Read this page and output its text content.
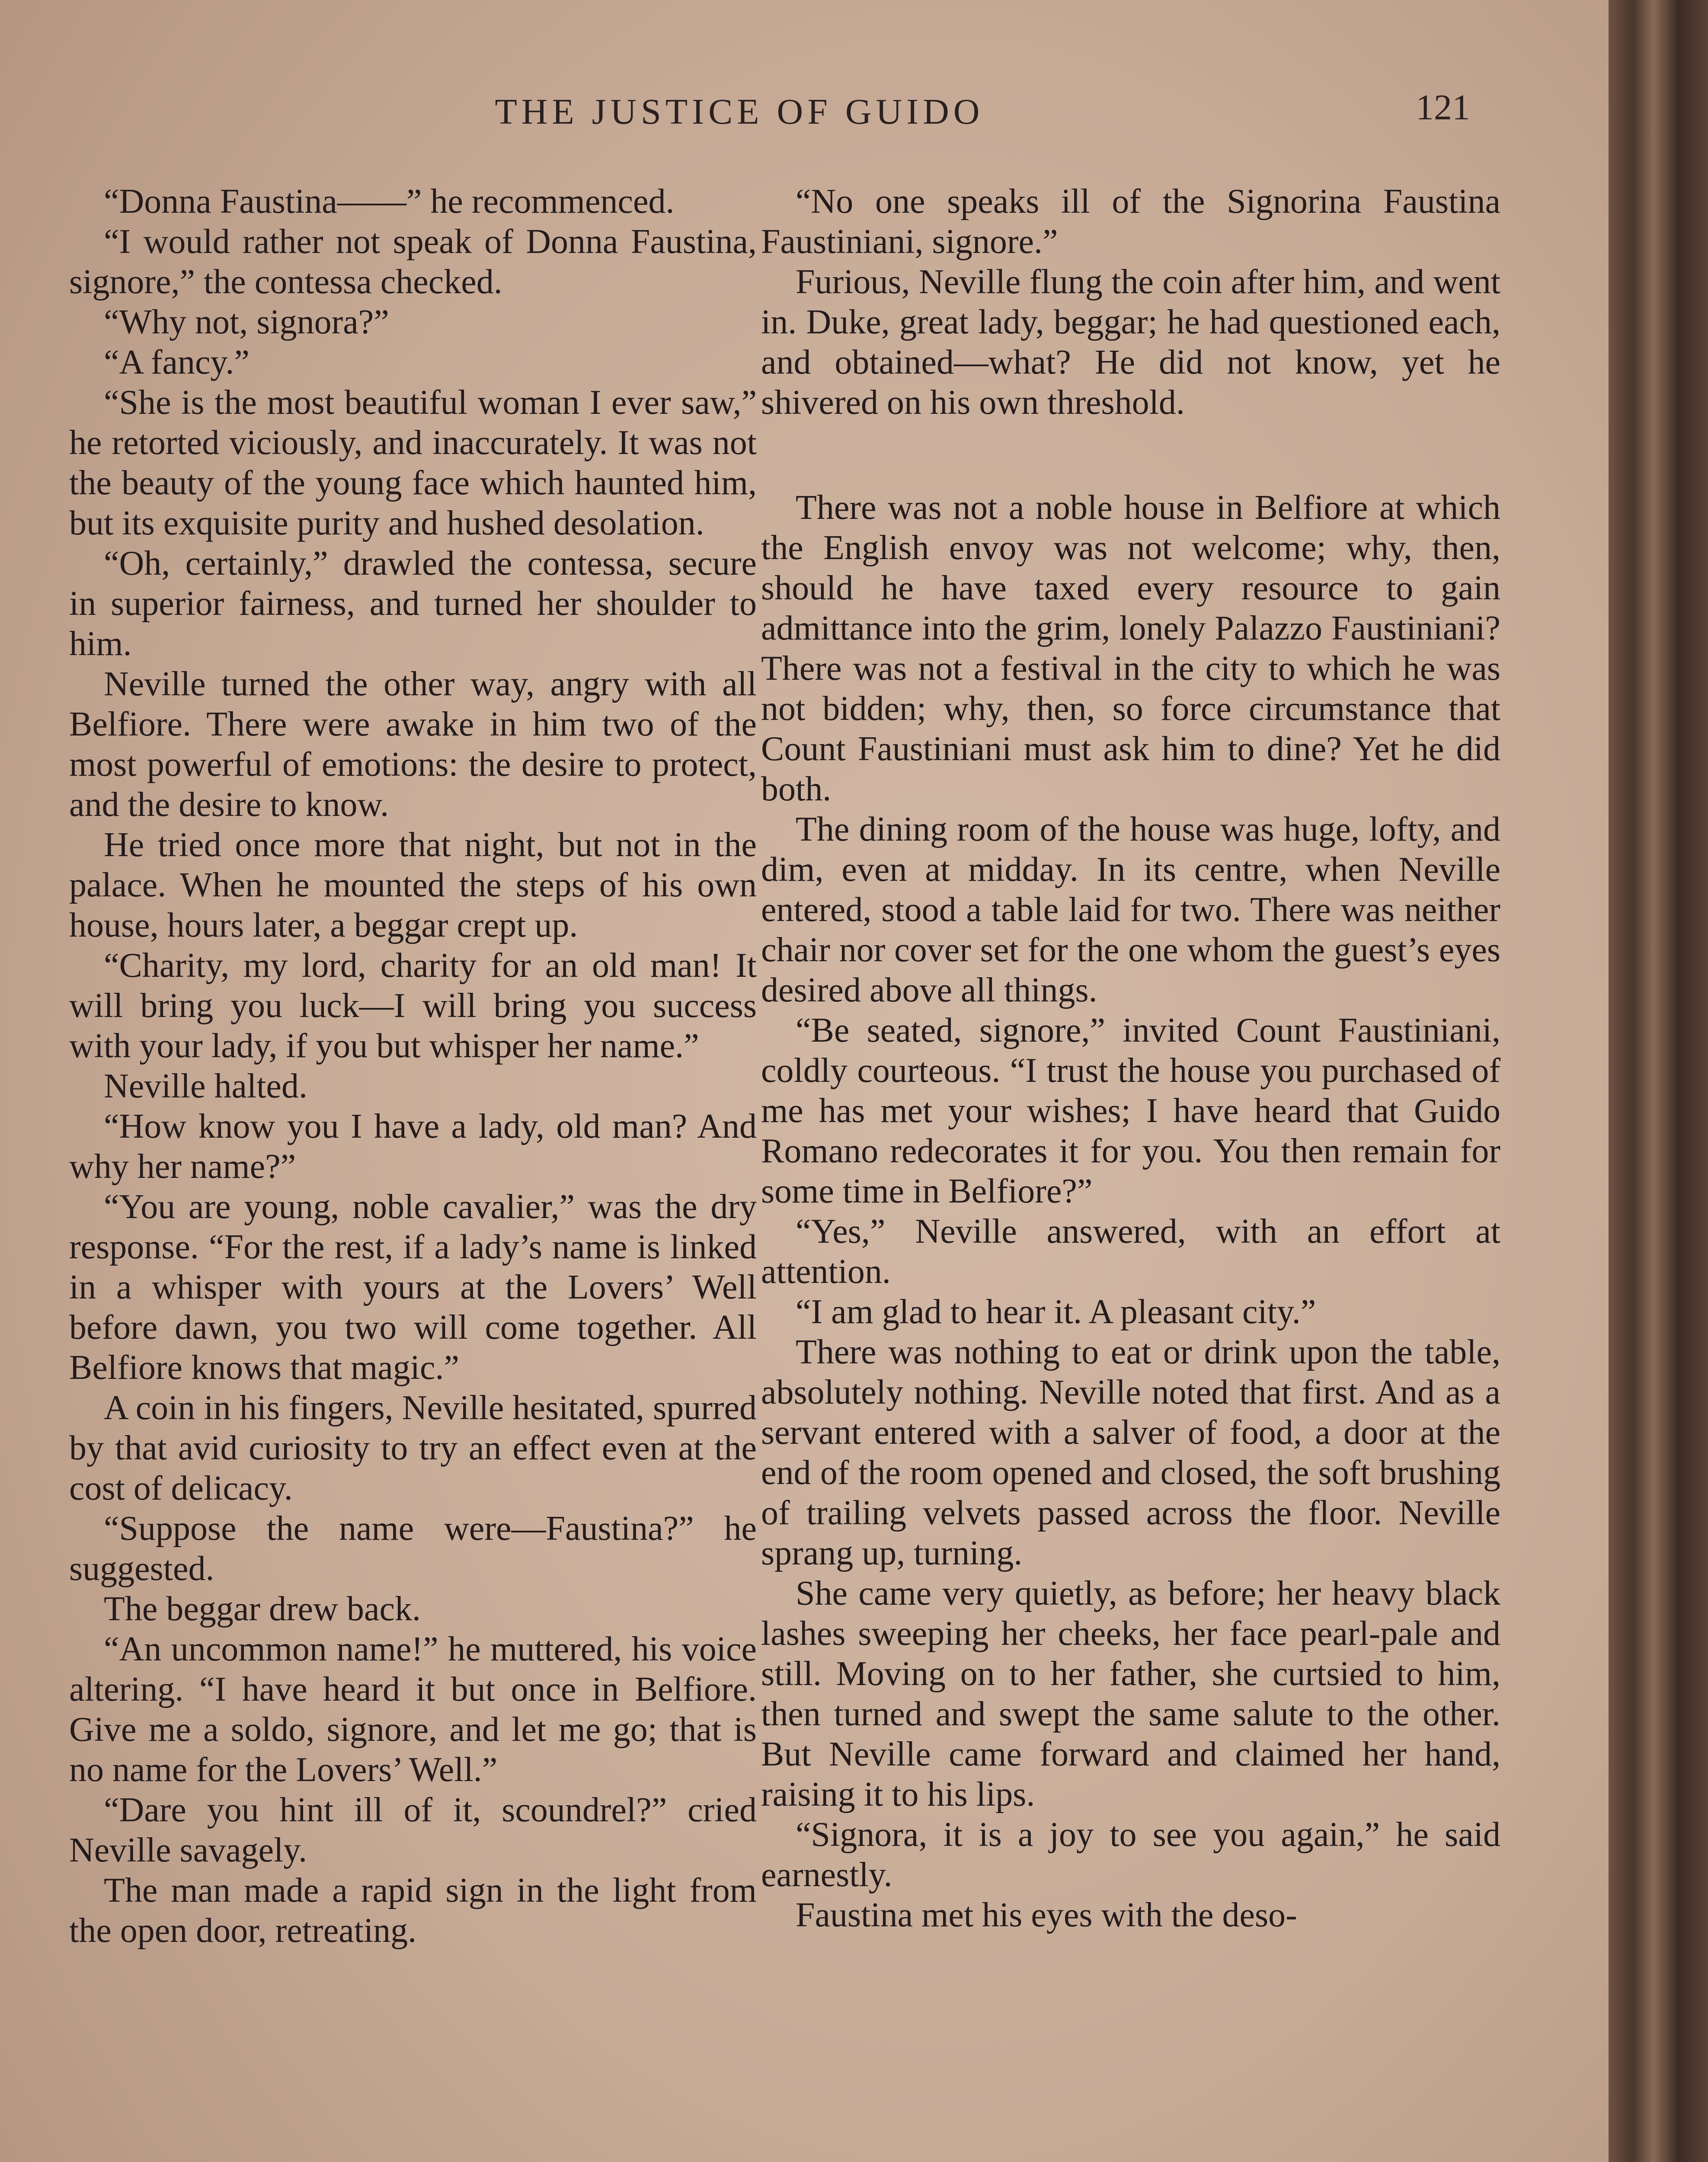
THE JUSTICE OF GUIDO	121

“Donna Faustina——” he recommenced.

“I would rather not speak of Donna Faustina, signore,” the contessa checked.

“Why not, signora?”

“A fancy.”

“She is the most beautiful woman I ever saw,” he retorted viciously, and inaccurately. It was not the beauty of the young face which haunted him, but its exquisite purity and hushed desolation.

“Oh, certainly,” drawled the contessa, secure in superior fairness, and turned her shoulder to him.

Neville turned the other way, angry with all Belfiore. There were awake in him two of the most powerful of emotions: the desire to protect, and the desire to know.

He tried once more that night, but not in the palace. When he mounted the steps of his own house, hours later, a beggar crept up.

“Charity, my lord, charity for an old man! It will bring you luck—I will bring you success with your lady, if you but whisper her name.”

Neville halted.

“How know you I have a lady, old man? And why her name?”

“You are young, noble cavalier,” was the dry response. “For the rest, if a lady’s name is linked in a whisper with yours at the Lovers’ Well before dawn, you two will come together. All Belfiore knows that magic.”

A coin in his fingers, Neville hesitated, spurred by that avid curiosity to try an effect even at the cost of delicacy.

“Suppose the name were—Faustina?” he suggested.

The beggar drew back.

“An uncommon name!” he muttered, his voice altering. “I have heard it but once in Belfiore. Give me a soldo, signore, and let me go; that is no name for the Lovers’ Well.”

“Dare you hint ill of it, scoundrel?” cried Neville savagely.

The man made a rapid sign in the light from the open door, retreating.

“No one speaks ill of the Signorina Faustina Faustiniani, signore.”

Furious, Neville flung the coin after him, and went in. Duke, great lady, beggar; he had questioned each, and obtained—what? He did not know, yet he shivered on his own threshold.

There was not a noble house in Belfiore at which the English envoy was not welcome; why, then, should he have taxed every resource to gain admittance into the grim, lonely Palazzo Faustiniani? There was not a festival in the city to which he was not bidden; why, then, so force circumstance that Count Faustiniani must ask him to dine? Yet he did both.

The dining room of the house was huge, lofty, and dim, even at midday. In its centre, when Neville entered, stood a table laid for two. There was neither chair nor cover set for the one whom the guest’s eyes desired above all things.

“Be seated, signore,” invited Count Faustiniani, coldly courteous. “I trust the house you purchased of me has met your wishes; I have heard that Guido Romano redecorates it for you. You then remain for some time in Belfiore?”

“Yes,” Neville answered, with an effort at attention.

“I am glad to hear it. A pleasant city.”

There was nothing to eat or drink upon the table, absolutely nothing. Neville noted that first. And as a servant entered with a salver of food, a door at the end of the room opened and closed, the soft brushing of trailing velvets passed across the floor. Neville sprang up, turning.

She came very quietly, as before; her heavy black lashes sweeping her cheeks, her face pearl-pale and still. Moving on to her father, she curtsied to him, then turned and swept the same salute to the other. But Neville came forward and claimed her hand, raising it to his lips.

“Signora, it is a joy to see you again,” he said earnestly.

Faustina met his eyes with the deso-
